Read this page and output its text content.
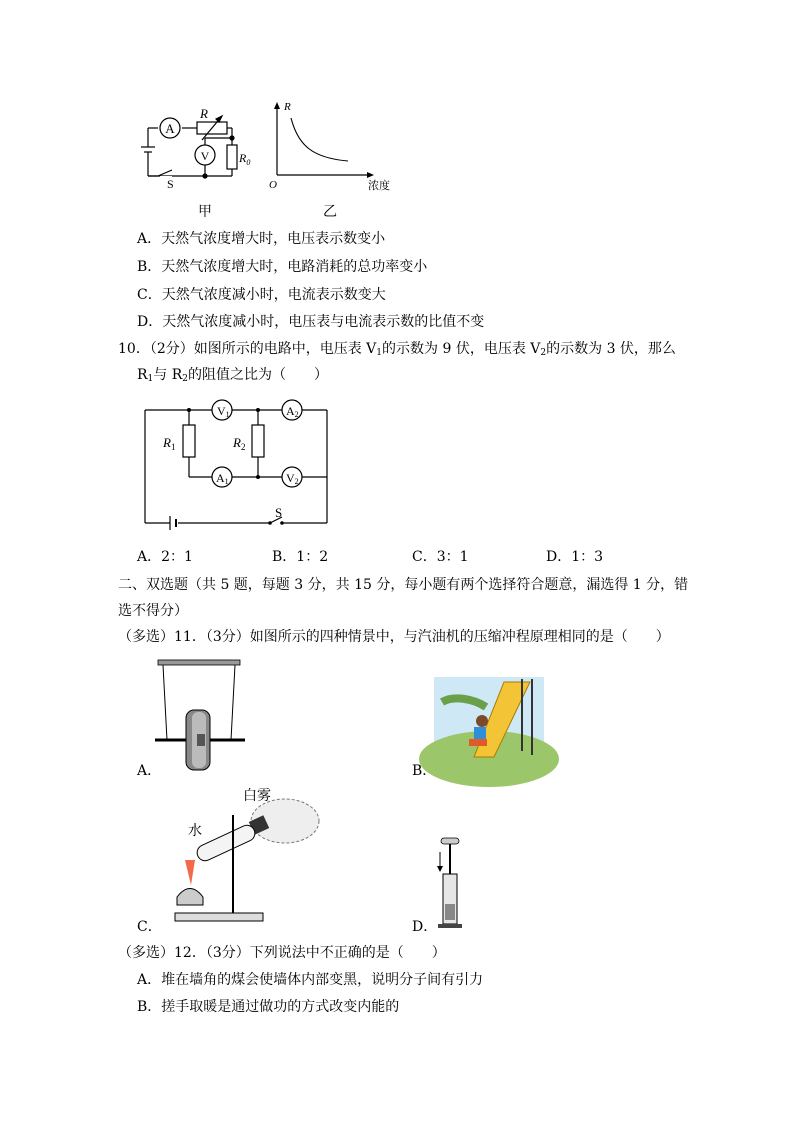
A
V
R
$R_0$
S
R
O	浓度
甲	乙
A．天然气浓度增大时，电压表示数变小
B．天然气浓度增大时，电路消耗的总功率变小
C．天然气浓度减小时，电流表示数变大
D．天然气浓度减小时，电压表与电流表示数的比值不变
10．（2分）如图所示的电路中，电压表 $V_1$的示数为 9 伏，电压表 $V_2$的示数为 3 伏，那么
$R_1$与 $R_2$的阻值之比为（　　）
V1	A2
A1	V2
$R_1$	$R_2$
S
A．2：1	B．1：2	C．3：1	D．1：3
二、双选题（共 5 题，每题 3 分，共 15 分，每小题有两个选择符合题意，漏选得 1 分，错
选不得分）
（多选）11．（3分）如图所示的四种情景中，与汽油机的压缩冲程原理相同的是（　　）
A．	B．
白雾
水
C．	D．
（多选）12．（3分）下列说法中不正确的是（　　）
A．堆在墙角的煤会使墙体内部变黑，说明分子间有引力
B．搓手取暖是通过做功的方式改变内能的
